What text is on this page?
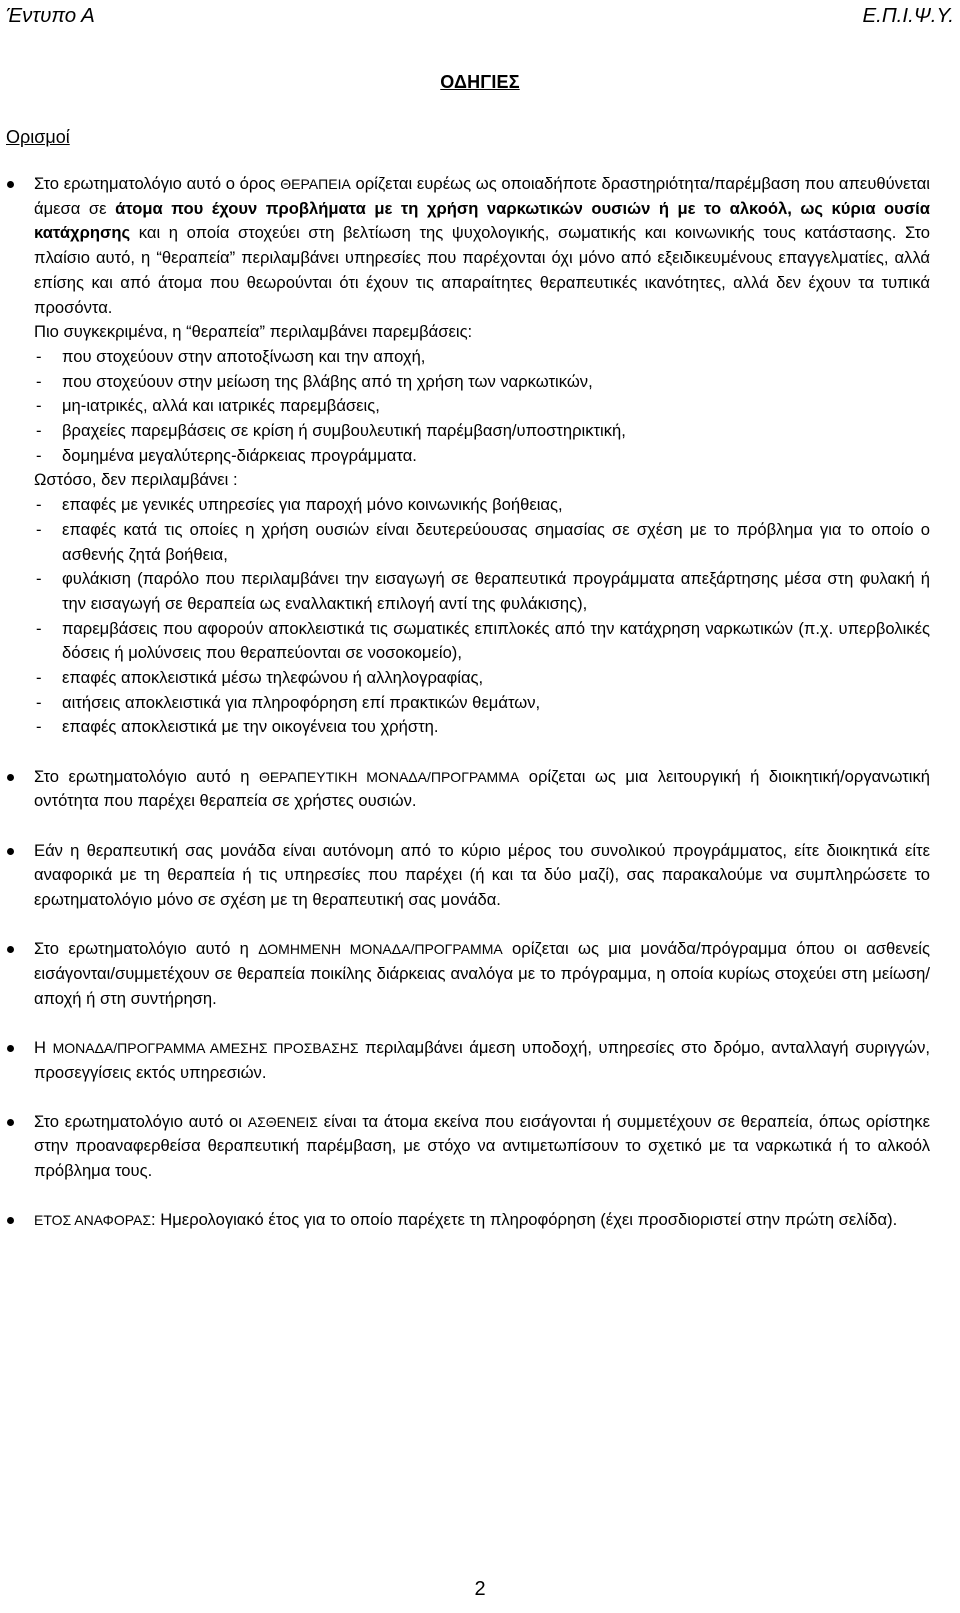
Έντυπο Α	Ε.Π.Ι.Ψ.Υ.
ΟΔΗΓΙΕΣ
Ορισμοί

Στο ερωτηματολόγιο αυτό ο όρος ΘΕΡΑΠΕΙΑ ορίζεται ευρέως ως οποιαδήποτε δραστηριότητα/παρέμβαση που απευθύνεται άμεσα σε άτομα που έχουν προβλήματα με τη χρήση ναρκωτικών ουσιών ή με το αλκοόλ, ως κύρια ουσία κατάχρησης και η οποία στοχεύει στη βελτίωση της ψυχολογικής, σωματικής και κοινωνικής τους κατάστασης. Στο πλαίσιο αυτό, η “θεραπεία” περιλαμβάνει υπηρεσίες που παρέχονται όχι μόνο από εξειδικευμένους επαγγελματίες, αλλά επίσης και από άτομα που θεωρούνται ότι έχουν τις απαραίτητες θεραπευτικές ικανότητες, αλλά δεν έχουν τα τυπικά προσόντα.

Πιο συγκεκριμένα, η “θεραπεία” περιλαμβάνει παρεμβάσεις:

- που στοχεύουν στην αποτοξίνωση και την αποχή,
- που στοχεύουν στην μείωση της βλάβης από τη χρήση των ναρκωτικών,
- μη-ιατρικές, αλλά και ιατρικές παρεμβάσεις,
- βραχείες παρεμβάσεις σε κρίση ή συμβουλευτική παρέμβαση/υποστηρικτική,
- δομημένα μεγαλύτερης-διάρκειας προγράμματα.

Ωστόσο, δεν περιλαμβάνει :

- επαφές με γενικές υπηρεσίες για παροχή μόνο κοινωνικής βοήθειας,
- επαφές κατά τις οποίες η χρήση ουσιών είναι δευτερεύουσας σημασίας σε σχέση με το πρόβλημα για το οποίο ο ασθενής ζητά βοήθεια,
- φυλάκιση (παρόλο που περιλαμβάνει την εισαγωγή σε θεραπευτικά προγράμματα απεξάρτησης μέσα στη φυλακή ή την εισαγωγή σε θεραπεία ως εναλλακτική επιλογή αντί της φυλάκισης),
- παρεμβάσεις που αφορούν αποκλειστικά τις σωματικές επιπλοκές από την κατάχρηση ναρκωτικών (π.χ. υπερβολικές δόσεις ή μολύνσεις που θεραπεύονται σε νοσοκομείο),
- επαφές αποκλειστικά μέσω τηλεφώνου ή αλληλογραφίας,
- αιτήσεις αποκλειστικά για πληροφόρηση επί πρακτικών θεμάτων,
- επαφές αποκλειστικά με την οικογένεια του χρήστη.

Στο ερωτηματολόγιο αυτό η ΘΕΡΑΠΕΥΤΙΚΗ ΜΟΝΑΔΑ/ΠΡΟΓΡΑΜΜΑ ορίζεται ως μια λειτουργική ή διοικητική/οργανωτική οντότητα που παρέχει θεραπεία σε χρήστες ουσιών.

Εάν η θεραπευτική σας μονάδα είναι αυτόνομη από το κύριο μέρος του συνολικού προγράμματος, είτε διοικητικά είτε αναφορικά με τη θεραπεία ή τις υπηρεσίες που παρέχει (ή και τα δύο μαζί), σας παρακαλούμε να συμπληρώσετε το ερωτηματολόγιο μόνο σε σχέση με τη θεραπευτική σας μονάδα.

Στο ερωτηματολόγιο αυτό η ΔΟΜΗΜΕΝΗ ΜΟΝΑΔΑ/ΠΡΟΓΡΑΜΜΑ ορίζεται ως μια μονάδα/πρόγραμμα όπου οι ασθενείς εισάγονται/συμμετέχουν σε θεραπεία ποικίλης διάρκειας αναλόγα με το πρόγραμμα, η οποία κυρίως στοχεύει στη μείωση/αποχή ή στη συντήρηση.

Η ΜΟΝΑΔΑ/ΠΡΟΓΡΑΜΜΑ ΑΜΕΣΗΣ ΠΡΟΣΒΑΣΗΣ περιλαμβάνει άμεση υποδοχή, υπηρεσίες στο δρόμο, ανταλλαγή συριγγών, προσεγγίσεις εκτός υπηρεσιών.

Στο ερωτηματολόγιο αυτό οι ΑΣΘΕΝΕΙΣ είναι τα άτομα εκείνα που εισάγονται ή συμμετέχουν σε θεραπεία, όπως ορίστηκε στην προαναφερθείσα θεραπευτική παρέμβαση, με στόχο να αντιμετωπίσουν το σχετικό με τα ναρκωτικά ή το αλκοόλ πρόβλημα τους.

ΕΤΟΣ ΑΝΑΦΟΡΑΣ: Ημερολογιακό έτος για το οποίο παρέχετε τη πληροφόρηση (έχει προσδιοριστεί στην πρώτη σελίδα).

2
